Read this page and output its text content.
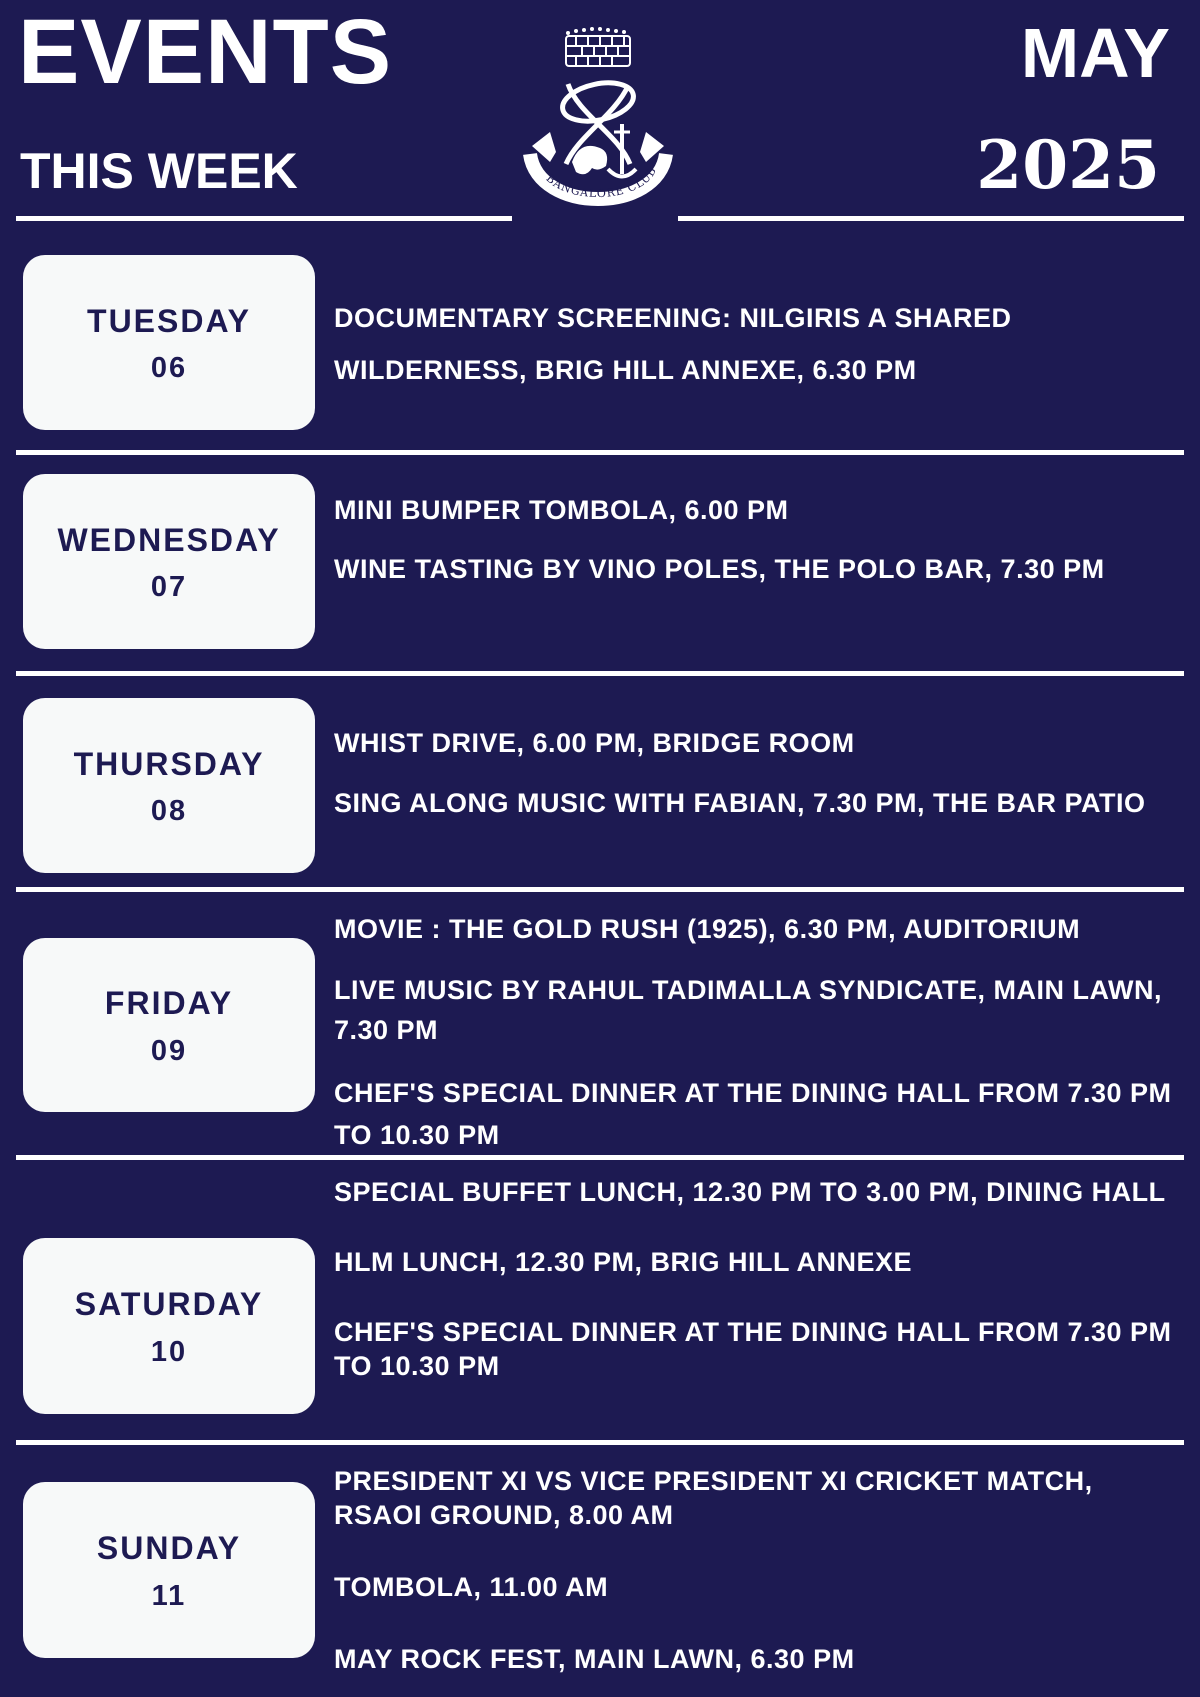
EVENTS
THIS WEEK
MAY
2025
BANGALORE CLUB
TUESDAY
06
DOCUMENTARY SCREENING: NILGIRIS A SHARED WILDERNESS, BRIG HILL ANNEXE, 6.30 PM
WEDNESDAY
07
MINI BUMPER TOMBOLA, 6.00 PM
WINE TASTING BY VINO POLES, THE POLO BAR, 7.30 PM
THURSDAY
08
WHIST DRIVE, 6.00 PM, BRIDGE ROOM
SING ALONG MUSIC WITH FABIAN, 7.30 PM, THE BAR PATIO
FRIDAY
09
MOVIE : THE GOLD RUSH (1925), 6.30 PM, AUDITORIUM
LIVE MUSIC BY RAHUL TADIMALLA SYNDICATE, MAIN LAWN, 7.30 PM
CHEF'S SPECIAL DINNER AT THE DINING HALL FROM 7.30 PM TO 10.30 PM
SATURDAY
10
SPECIAL BUFFET LUNCH, 12.30 PM TO 3.00 PM, DINING HALL
HLM LUNCH, 12.30 PM, BRIG HILL ANNEXE
CHEF'S SPECIAL DINNER AT THE DINING HALL FROM 7.30 PM TO 10.30 PM
SUNDAY
11
PRESIDENT XI VS VICE PRESIDENT XI CRICKET MATCH, RSAOI GROUND, 8.00 AM
TOMBOLA, 11.00 AM
MAY ROCK FEST, MAIN LAWN, 6.30 PM
